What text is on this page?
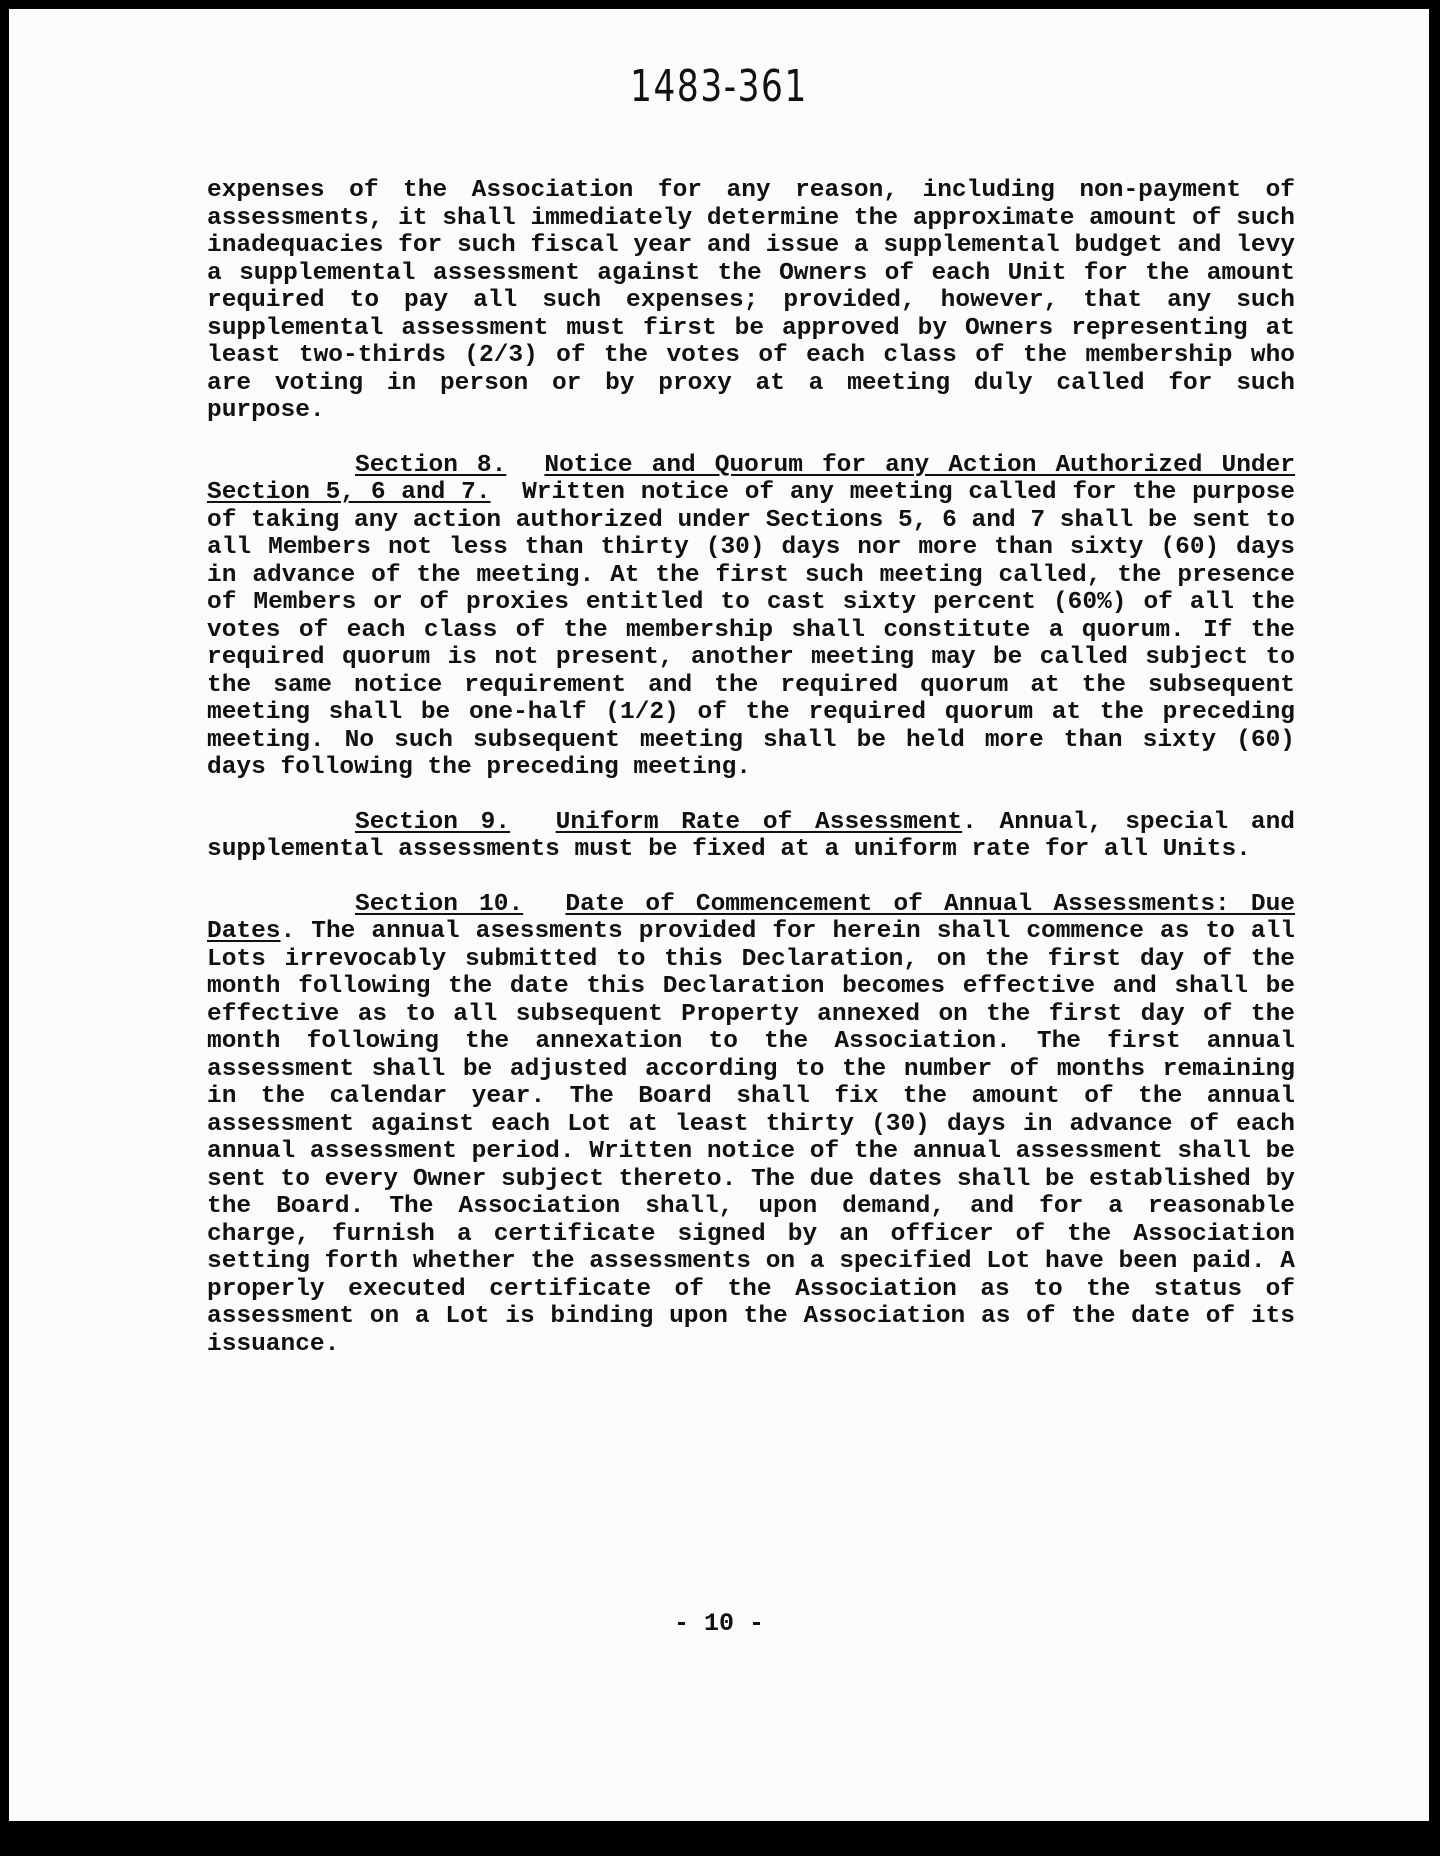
1483-361

expenses of the Association for any reason, including non-payment of assessments, it shall immediately determine the approximate amount of such inadequacies for such fiscal year and issue a supplemental budget and levy a supplemental assessment against the Owners of each Unit for the amount required to pay all such expenses; provided, however, that any such supplemental assessment must first be approved by Owners representing at least two-thirds (2/3) of the votes of each class of the membership who are voting in person or by proxy at a meeting duly called for such purpose.

Section 8. Notice and Quorum for any Action Authorized Under Section 5, 6 and 7. Written notice of any meeting called for the purpose of taking any action authorized under Sections 5, 6 and 7 shall be sent to all Members not less than thirty (30) days nor more than sixty (60) days in advance of the meeting. At the first such meeting called, the presence of Members or of proxies entitled to cast sixty percent (60%) of all the votes of each class of the membership shall constitute a quorum. If the required quorum is not present, another meeting may be called subject to the same notice requirement and the required quorum at the subsequent meeting shall be one-half (1/2) of the required quorum at the preceding meeting. No such subsequent meeting shall be held more than sixty (60) days following the preceding meeting.

Section 9. Uniform Rate of Assessment. Annual, special and supplemental assessments must be fixed at a uniform rate for all Units.

Section 10. Date of Commencement of Annual Assessments: Due Dates. The annual asessments provided for herein shall commence as to all Lots irrevocably submitted to this Declaration, on the first day of the month following the date this Declaration becomes effective and shall be effective as to all subsequent Property annexed on the first day of the month following the annexation to the Association. The first annual assessment shall be adjusted according to the number of months remaining in the calendar year. The Board shall fix the amount of the annual assessment against each Lot at least thirty (30) days in advance of each annual assessment period. Written notice of the annual assessment shall be sent to every Owner subject thereto. The due dates shall be established by the Board. The Association shall, upon demand, and for a reasonable charge, furnish a certificate signed by an officer of the Association setting forth whether the assessments on a specified Lot have been paid. A properly executed certificate of the Association as to the status of assessment on a Lot is binding upon the Association as of the date of its issuance.

- 10 -
